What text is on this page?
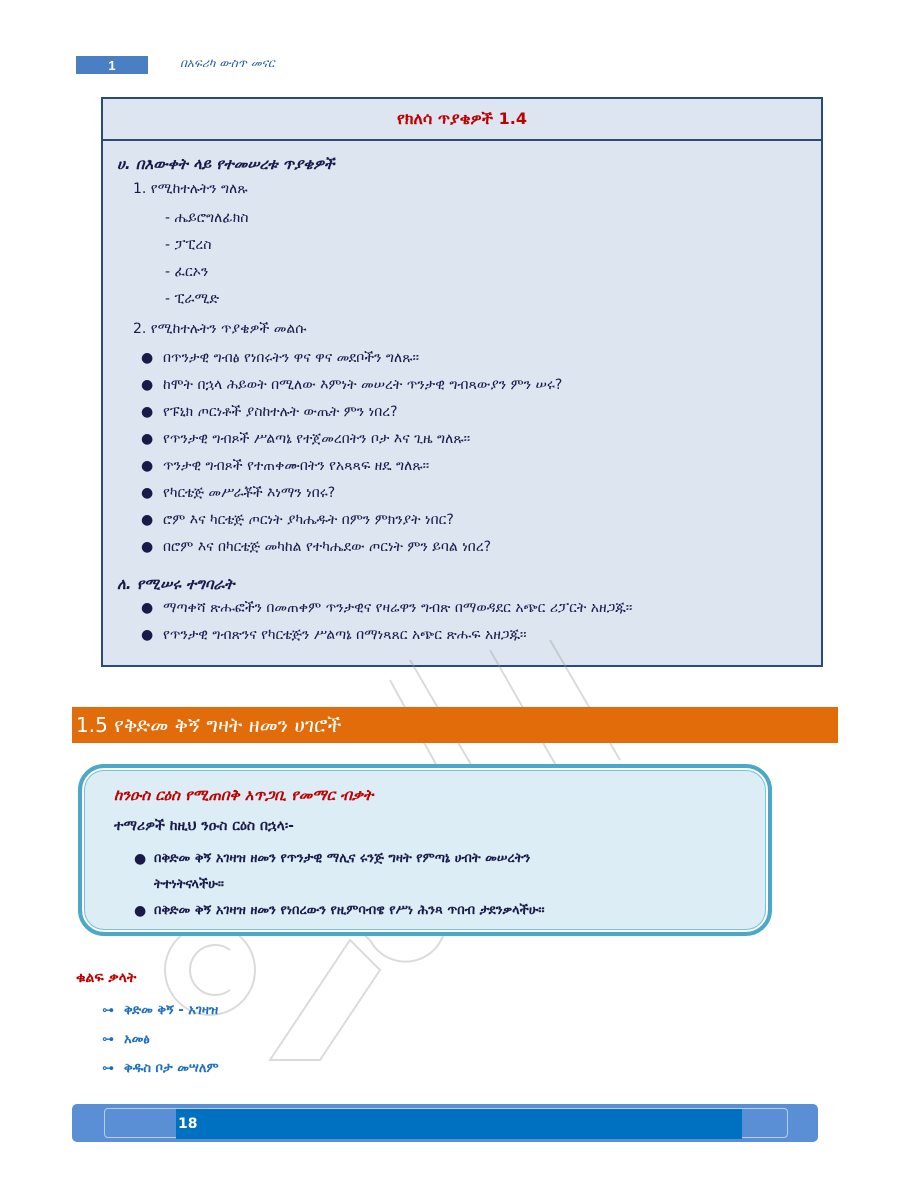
1	በአፍሪካ ውስጥ መናር
የክለሳ ጥያቄዎች 1.4
ሀ. በእውቀት ላይ የተመሠረቱ ጥያቄዎች
1. የሚከተሉትን ግለጹ
- ሔይሮግለፊክስ
- ፓፒረስ
- ፈርኦን
- ፒራሚድ
2. የሚከተሉትን ጥያቄዎች መልሱ
● በጥንታዊ ግብፅ የነበሩትን ዋና ዋና መደቦችን ግለጹ፡፡
● ከሞት በኋላ ሕይወት በሚለው እምነት መሠረት ጥንታዊ ግብጻውያን ምን ሠሩ?
● የፑኒክ ጦርነቶች ያስከተሉት ውጤት ምን ነበረ?
● የጥንታዊ ግብጾች ሥልጣኔ የተጀመረበትን ቦታ እና ጊዜ ግለጹ፡፡
● ጥንታዊ ግብጾች የተጠቀሙበትን የአጻጻፍ ዘዴ ግለጹ፡፡
● የካርቴጅ መሥራቾች እነማን ነበሩ?
● ሮም እና ካርቴጅ ጦርነት ያካሔዱት በምን ምክንያት ነበር?
● በሮም እና በካርቴጅ መካከል የተካሔደው ጦርነት ምን ይባል ነበረ?
ለ. የሚሠሩ ተግባራት
● ማጣቀሻ ጽሑፎችን በመጠቀም ጥንታዊና የዛሬዋን ግብጽ በማወዳደር አጭር ሪፓርት አዘጋጁ፡፡
● የጥንታዊ ግብጽንና የካርቴጅን ሥልጣኔ በማነጻጸር አጭር ጽሑፍ አዘጋጁ፡፡
1.5 የቅድመ ቅኝ ግዛት ዘመን ሀገሮች
ከንዑስ ርዕስ የሚጠበቅ አጥጋቢ የመማር ብቃት
ተማሪዎች ከዚህ ንዑስ ርዕስ በኋላ፡-
● በቅድመ ቅኝ አገዛዝ ዘመን የጥንታዊ ማሊና ሩንጅ ግዛት የምጣኔ ሀብት መሠረትን
ትተነትናላችሁ፡፡
● በቅድመ ቅኝ አገዛዝ ዘመን የነበረውን የዚምባብዌ የሥነ ሕንጻ ጥበብ ታደንቃላችሁ፡፡
ቁልፍ ቃላት
⊶ ቅድመ ቅኝ - አገዛዝ
⊶ አመፅ
⊶ ቅዱስ ቦታ መሣለም
18
